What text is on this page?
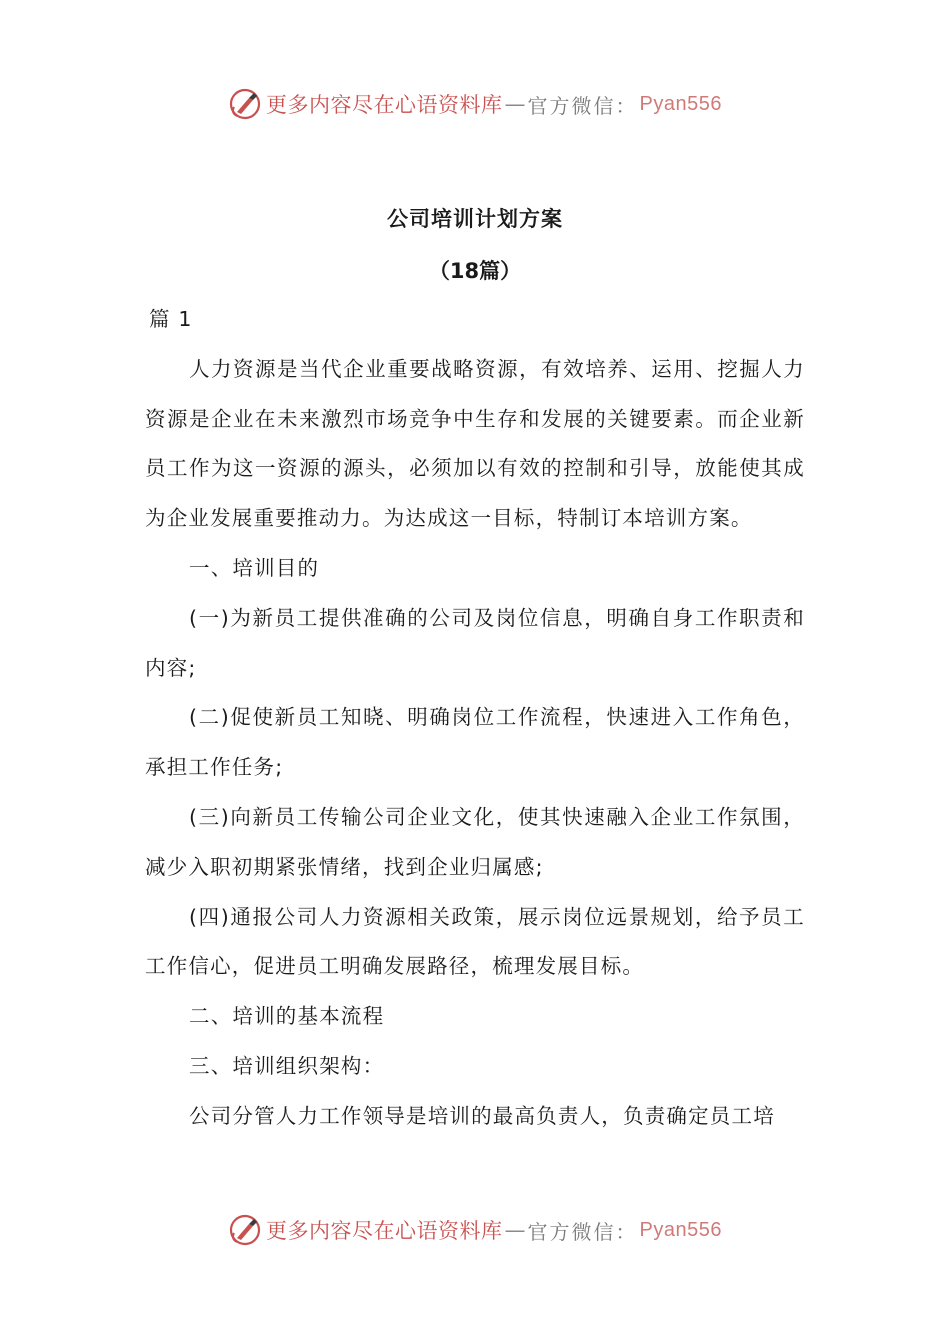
更多内容尽在心语资料库 — 官方微信： Pyan556
公司培训计划方案
（18篇）

篇 1

人力资源是当代企业重要战略资源，有效培养、运用、挖掘人力资源是企业在未来激烈市场竞争中生存和发展的关键要素。而企业新员工作为这一资源的源头，必须加以有效的控制和引导，放能使其成为企业发展重要推动力。为达成这一目标，特制订本培训方案。

一、培训目的

(一)为新员工提供准确的公司及岗位信息，明确自身工作职责和内容;

(二)促使新员工知晓、明确岗位工作流程，快速进入工作角色，承担工作任务;

(三)向新员工传输公司企业文化，使其快速融入企业工作氛围，减少入职初期紧张情绪，找到企业归属感;

(四)通报公司人力资源相关政策，展示岗位远景规划，给予员工工作信心，促进员工明确发展路径，梳理发展目标。

二、培训的基本流程

三、培训组织架构：

公司分管人力工作领导是培训的最高负责人，负责确定员工培

更多内容尽在心语资料库 — 官方微信： Pyan556
